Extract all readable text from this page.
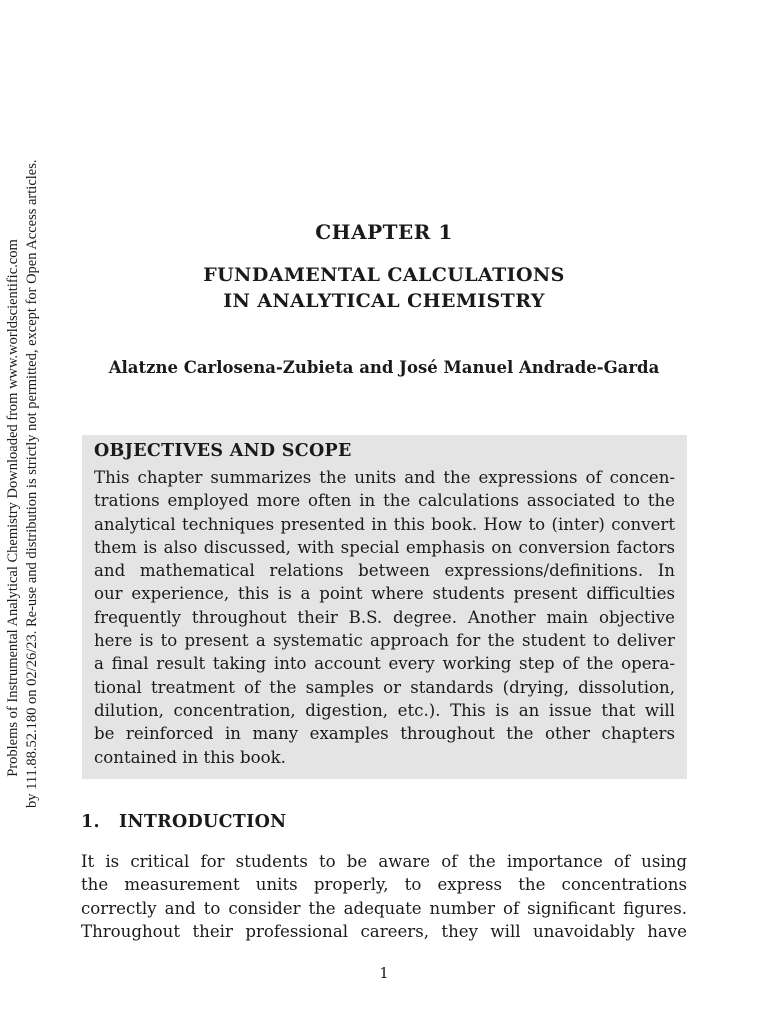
Problems of Instrumental Analytical Chemistry Downloaded from www.worldscientific.com by 111.88.52.180 on 02/26/23. Re-use and distribution is strictly not permitted, except for Open Access articles.	CHAPTER 1
FUNDAMENTAL CALCULATIONS
IN ANALYTICAL CHEMISTRY
Alatzne Carlosena-Zubieta and José Manuel Andrade-Garda
OBJECTIVES AND SCOPE
This chapter summarizes the units and the expressions of concen-
trations employed more often in the calculations associated to the
analytical techniques presented in this book. How to (inter) convert
them is also discussed, with special emphasis on conversion factors
and mathematical relations between expressions/definitions. In
our experience, this is a point where students present difficulties
frequently throughout their B.S. degree. Another main objective
here is to present a systematic approach for the student to deliver
a final result taking into account every working step of the opera-
tional treatment of the samples or standards (drying, dissolution,
dilution, concentration, digestion, etc.). This is an issue that will
be reinforced in many examples throughout the other chapters
contained in this book.
1.   INTRODUCTION
It is critical for students to be aware of the importance of using
the measurement units properly, to express the concentrations
correctly and to consider the adequate number of significant figures.
Throughout their professional careers, they will unavoidably have
1
